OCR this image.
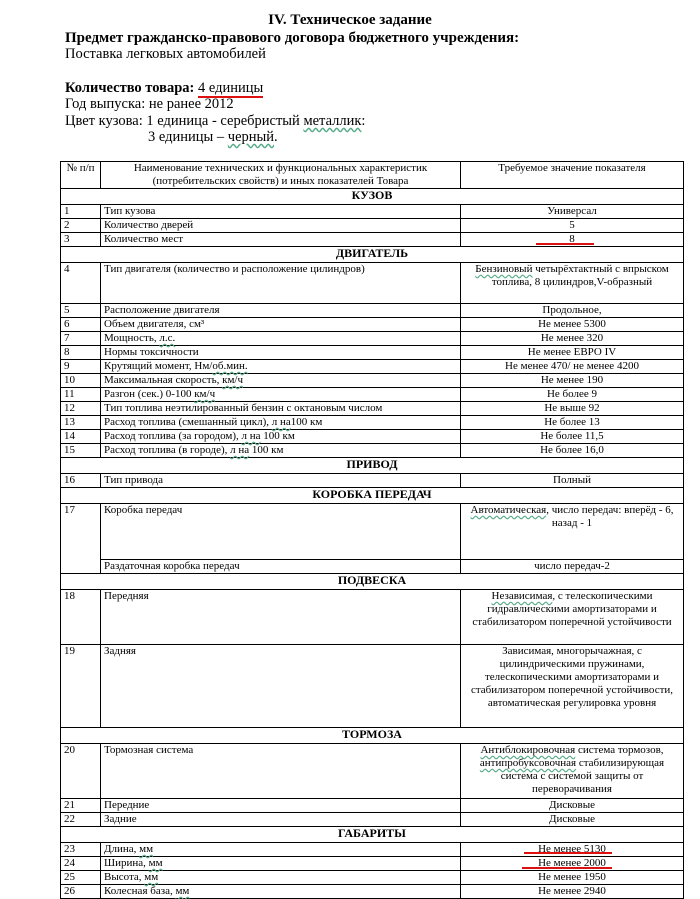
IV. Техническое задание
Предмет гражданско-правового договора бюджетного учреждения:
Поставка легковых автомобилей
Количество товара: 4 единицы
Год выпуска: не ранее 2012
Цвет кузова: 1 единица - серебристый металлик:
3 единицы – черный.
№ п/п	Наименование технических и функциональных характеристик (потребительских свойств) и иных показателей Товара	Требуемое значение показателя
КУЗОВ		
1	Тип кузова	Универсал
2	Количество дверей	5
3	Количество мест	8
ДВИГАТЕЛЬ		
4	Тип двигателя (количество и расположение цилиндров)	Бензиновый четырёхтактный с впрыском топлива, 8 цилиндров,V-образный
5	Расположение двигателя	Продольное,
6	Объем двигателя, см³	Не менее 5300
7	Мощность, л.с.	Не менее 320
8	Нормы токсичности	Не менее ЕВРО IV
9	Крутящий момент, Нм/об.мин.	Не менее 470/ не менее 4200
10	Максимальная скорость, км/ч	Не менее 190
11	Разгон (сек.) 0-100 км/ч	Не более 9
12	Тип топлива неэтилированный бензин с октановым числом	Не выше 92
13	Расход топлива (смешанный цикл), л на100 км	Не более 13
14	Расход топлива (за городом), л на 100 км	Не более 11,5
15	Расход топлива (в городе), л на 100 км	Не более 16,0
ПРИВОД		
16	Тип привода	Полный
КОРОБКА ПЕРЕДАЧ		
17	Коробка передач	Автоматическая, число передач: вперёд - 6,
назад - 1
	Раздаточная коробка передач	число передач-2
ПОДВЕСКА		
18	Передняя	Независимая, с телескопическими гидравлическими амортизаторами и стабилизатором поперечной устойчивости
19	Задняя	Зависимая, многорычажная, с цилиндрическими пружинами, телескопическими амортизаторами и стабилизатором поперечной устойчивости, автоматическая регулировка уровня
ТОРМОЗА		
20	Тормозная система	Антиблокировочная система тормозов, антипробуксовочная стабилизирующая система с системой защиты от переворачивания
21	Передние	Дисковые
22	Задние	Дисковые
ГАБАРИТЫ		
23	Длина, мм	Не менее 5130
24	Ширина, мм	Не менее 2000
25	Высота, мм	Не менее 1950
26	Колесная база, мм	Не менее 2940
